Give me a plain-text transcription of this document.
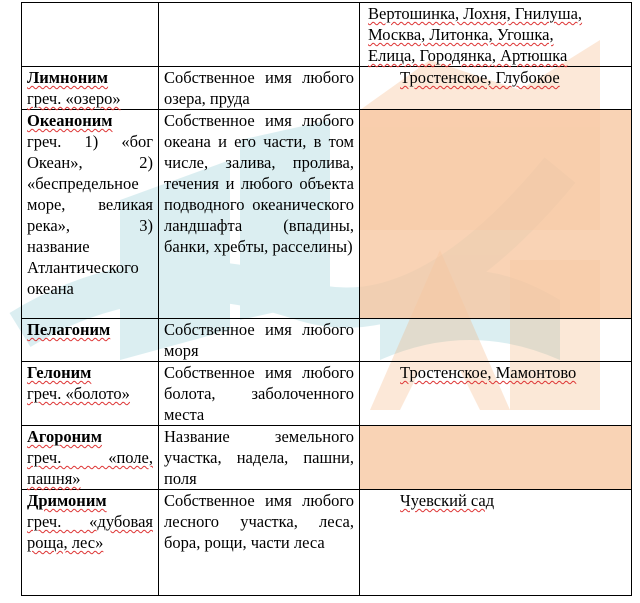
		Вертошинка, Лохня, Гнилуша,
Москва, Литонка, Угошка,
Елица, Городянка, Артюшка

Лимноним
греч. «озеро»	Собственное имя любого озера, пруда	Тростенское, Глубокое

Океаноним
греч. 1) «бог Океан», 2) «беспредельное море, великая река», 3) название Атлантического океана	Собственное имя любого океана и его части, в том числе, залива, пролива, течения и любого объекта подводного океанического ландшафта (впадины, банки, хребты, расселины)	

Пелагоним	Собственное имя любого моря	

Гелоним
греч. «болото»	Собственное имя любого болота, заболоченного места	Тростенское, Мамонтово

Агороним
греч. «поле, пашня»	Название земельного участка, надела, пашни, поля	

Дримоним
греч. «дубовая роща, лес»	Собственное имя любого лесного участка, леса, бора, рощи, части леса	Чуевский сад
